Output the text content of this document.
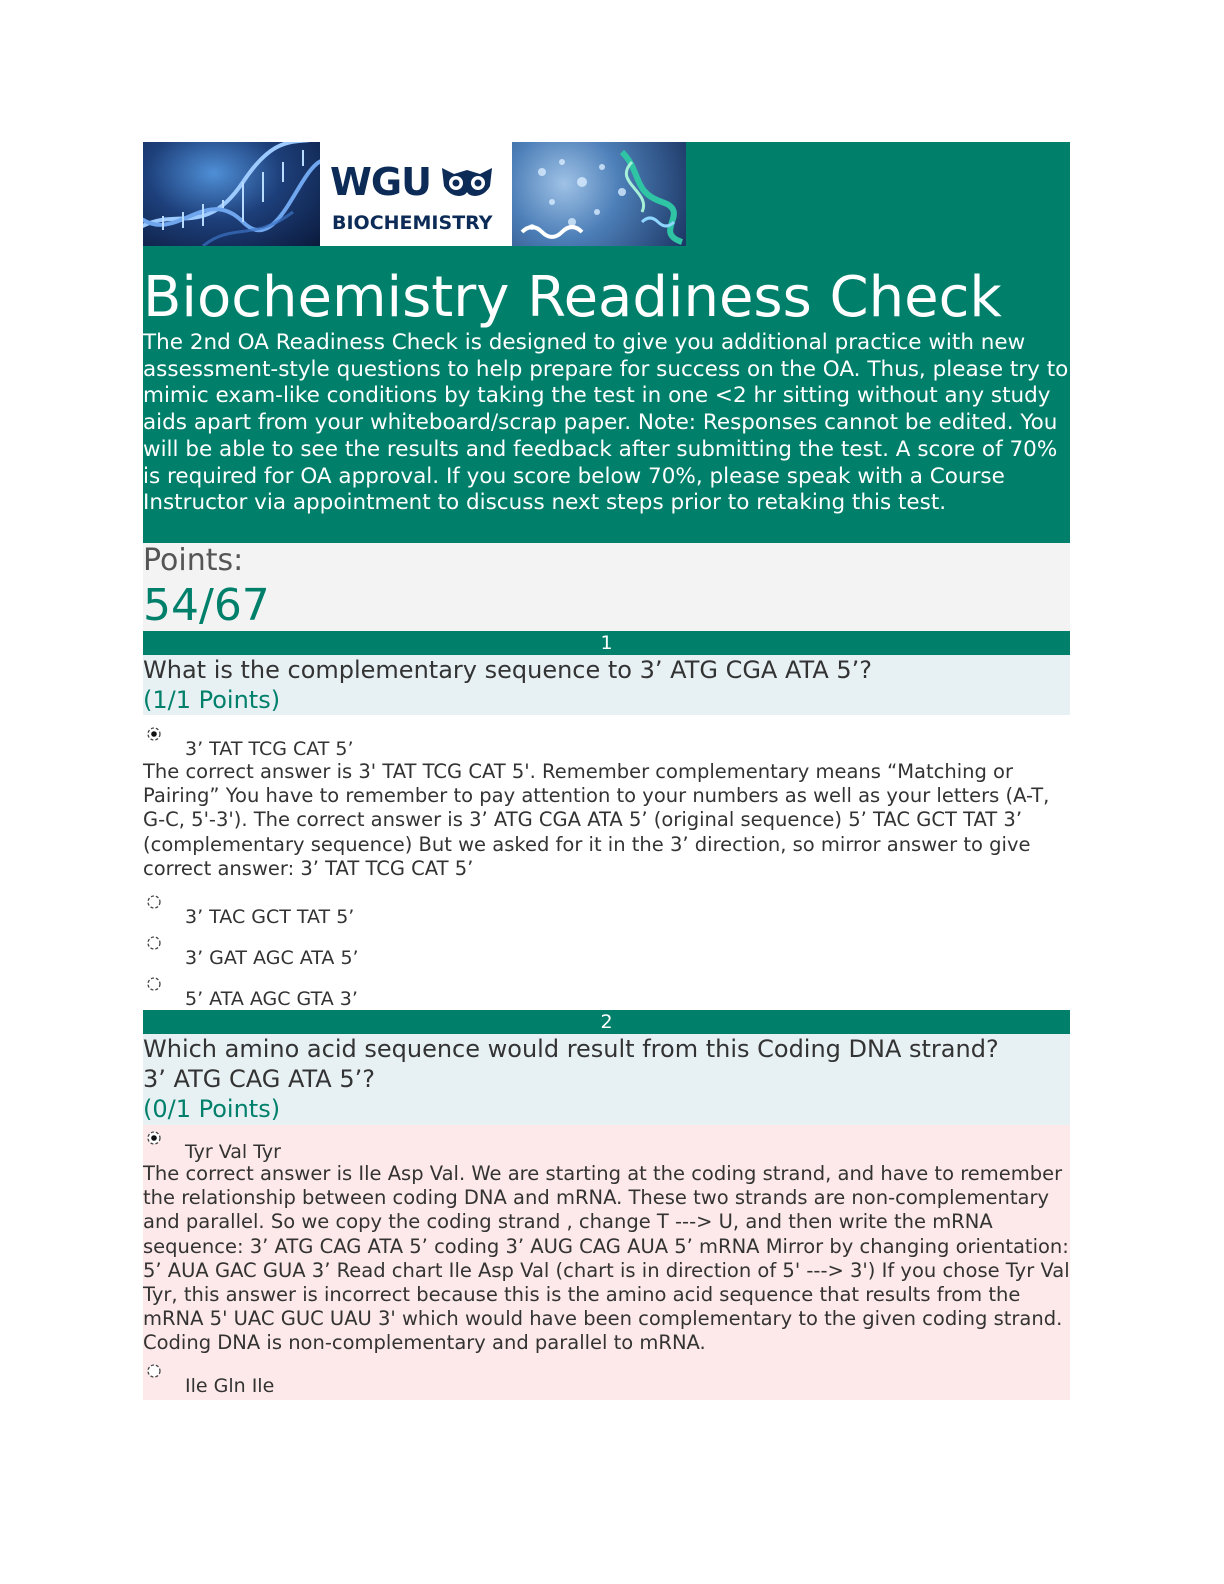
WGU
BIOCHEMISTRY
Biochemistry Readiness Check

The 2nd OA Readiness Check is designed to give you additional practice with new assessment-style questions to help prepare for success on the OA. Thus, please try to mimic exam-like conditions by taking the test in one <2 hr sitting without any study aids apart from your whiteboard/scrap paper. Note: Responses cannot be edited. You will be able to see the results and feedback after submitting the test. A score of 70% is required for OA approval. If you score below 70%, please speak with a Course Instructor via appointment to discuss next steps prior to retaking this test.

Points:
54/67
1
What is the complementary sequence to 3’ ATG CGA ATA 5’?
(1/1 Points)
3’ TAT TCG CAT 5’
The correct answer is 3' TAT TCG CAT 5'. Remember complementary means “Matching or Pairing” You have to remember to pay attention to your numbers as well as your letters (A-T, G-C, 5'-3'). The correct answer is 3’ ATG CGA ATA 5’ (original sequence) 5’ TAC GCT TAT 3’ (complementary sequence) But we asked for it in the 3’ direction, so mirror answer to give correct answer: 3’ TAT TCG CAT 5’
3’ TAC GCT TAT 5’
3’ GAT AGC ATA 5’
5’ ATA AGC GTA 3’
2
Which amino acid sequence would result from this Coding DNA strand?
3’ ATG CAG ATA 5’?
(0/1 Points)
Tyr Val Tyr
The correct answer is Ile Asp Val. We are starting at the coding strand, and have to remember the relationship between coding DNA and mRNA. These two strands are non-complementary and parallel. So we copy the coding strand , change T ---> U, and then write the mRNA sequence: 3’ ATG CAG ATA 5’ coding 3’ AUG CAG AUA 5’ mRNA Mirror by changing orientation: 5’ AUA GAC GUA 3’ Read chart Ile Asp Val (chart is in direction of 5' ---> 3') If you chose Tyr Val Tyr, this answer is incorrect because this is the amino acid sequence that results from the mRNA 5' UAC GUC UAU 3' which would have been complementary to the given coding strand. Coding DNA is non-complementary and parallel to mRNA.
Ile Gln Ile
